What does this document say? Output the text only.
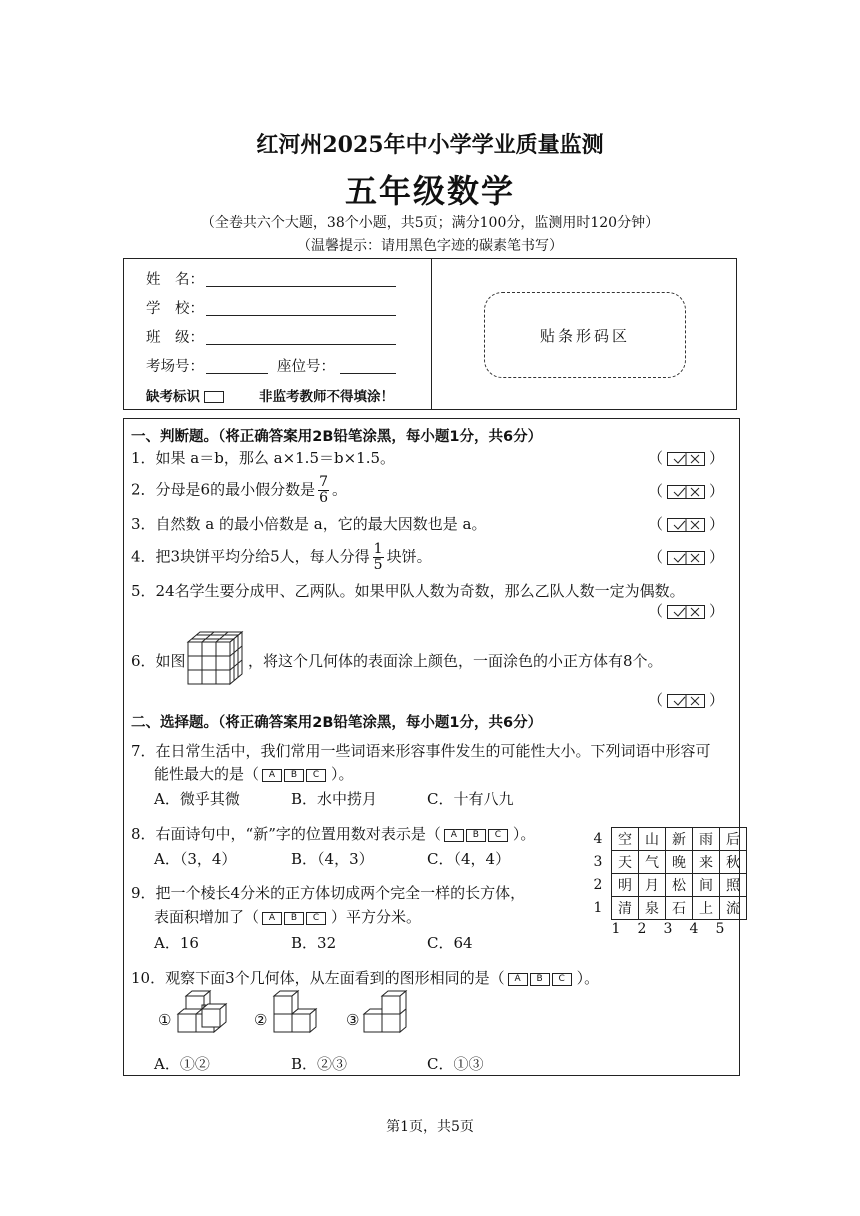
红河州2025年中小学学业质量监测
五年级数学
（全卷共六个大题，38个小题，共5页；满分100分，监测用时120分钟）
（温馨提示：请用黑色字迹的碳素笔书写）
姓　名：
学　校：
班　级：
考场号：	座位号：
缺考标识	非监考教师不得填涂！
贴条形码区
一、判断题。（将正确答案用2B铅笔涂黑，每小题1分，共6分）
1．如果 a＝b，那么 a×1.5＝b×1.5。
2．分母是6的最小假分数是 $\frac{7}{6}$ 。
3．自然数 a 的最小倍数是 a，它的最大因数也是 a。
4．把3块饼平均分给5人，每人分得 $\frac{1}{5}$ 块饼。
5．24名学生要分成甲、乙两队。如果甲队人数为奇数，那么乙队人数一定为偶数。
6．如图	，将这个几何体的表面涂上颜色，一面涂色的小正方体有8个。
（	）
（	）
（	）
（	）
（	）
（	）
二、选择题。（将正确答案用2B铅笔涂黑，每小题1分，共6分）
7．在日常生活中，我们常用一些词语来形容事件发生的可能性大小。下列词语中形容可
能性最大的是（	A	B	C ）。
A．微乎其微	B．水中捞月	C．十有八九
8．右面诗句中，“新”字的位置用数对表示是（	A	B	C ）。
A．（3，4）	B．（4，3）	C．（4，4）
9．把一个棱长4分米的正方体切成两个完全一样的长方体，
表面积增加了（	A	B	C ）平方分米。
A．16	B．32	C．64
4	空	山	新	雨	后
3	天	气	晚	来	秋
2	明	月	松	间	照
1	清	泉	石	上	流
1 2 3 4 5
10．观察下面3个几何体，从左面看到的图形相同的是（	A	B	C ）。
①	②	③
A．①②	B．②③	C．①③
第1页，共5页
